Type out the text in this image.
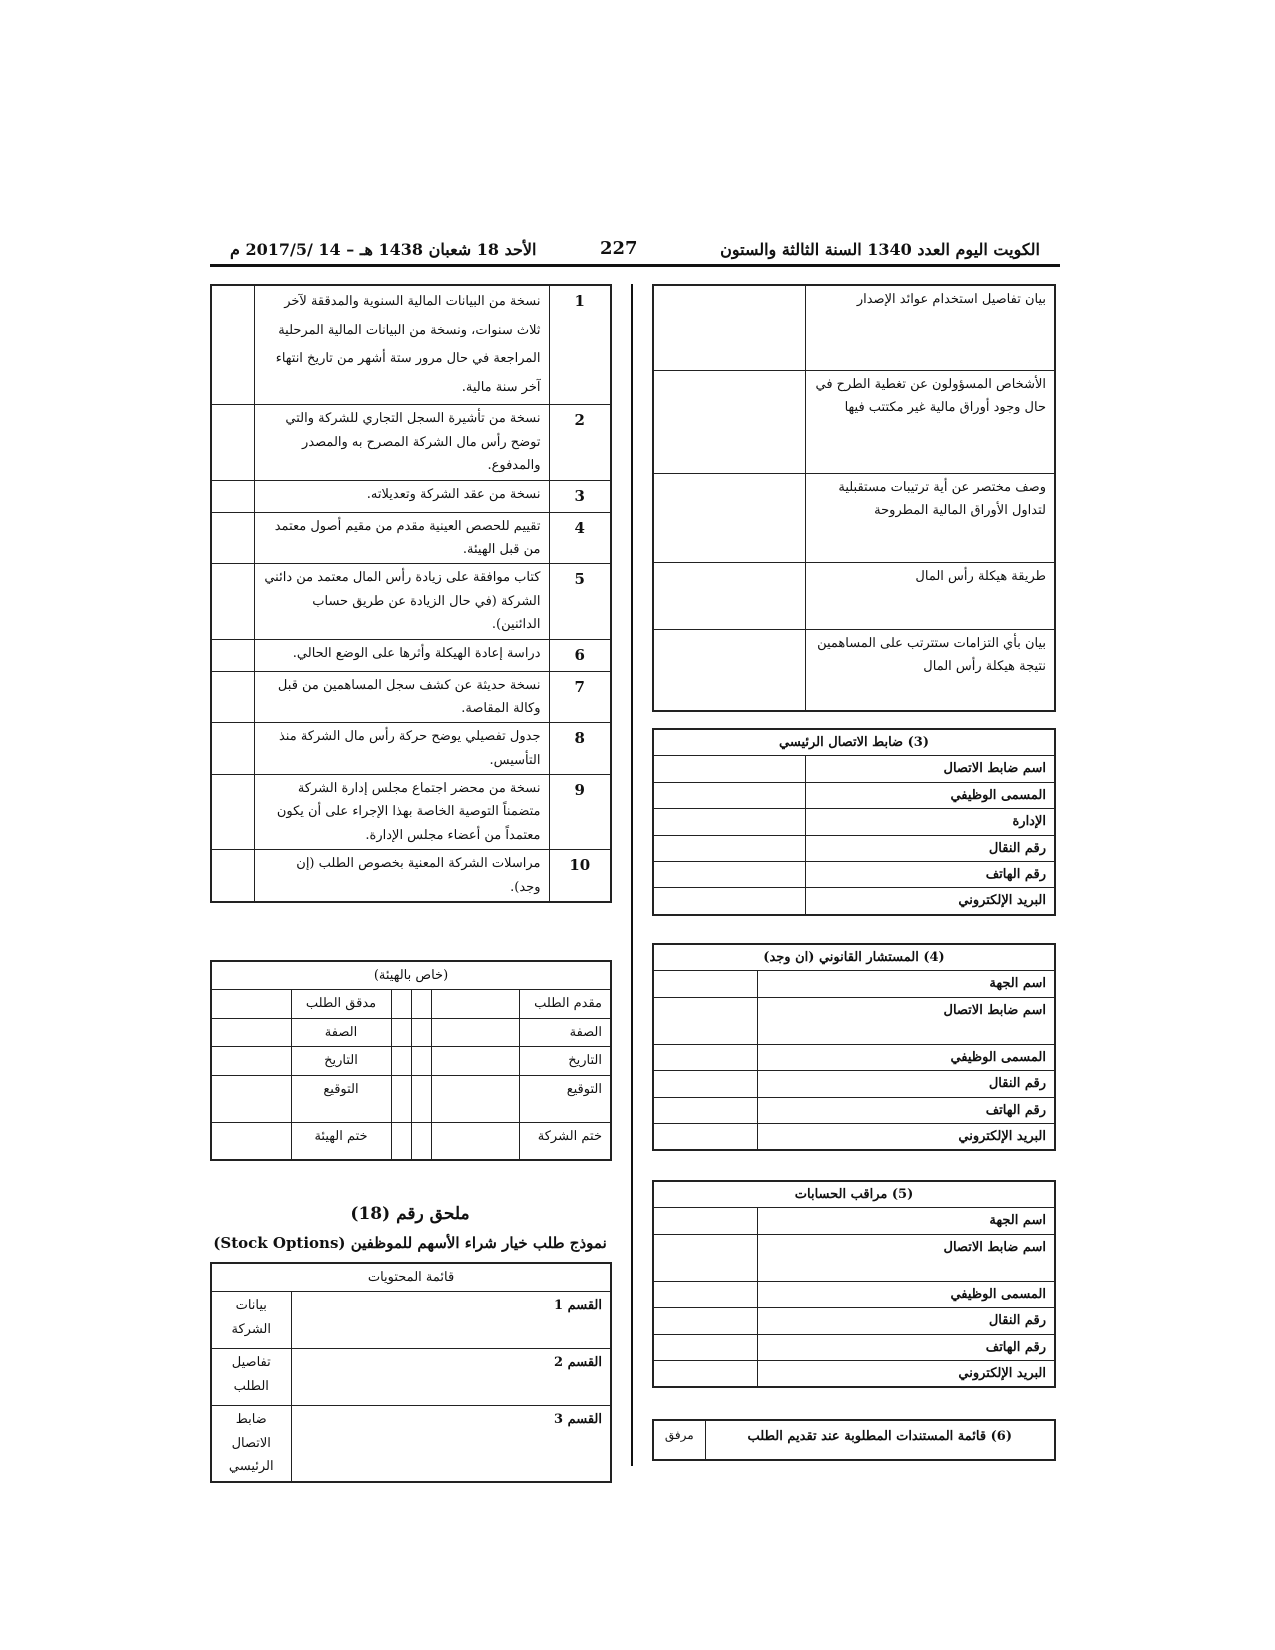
الكويت اليوم العدد 1340 السنة الثالثة والستون
227
الأحد 18 شعبان 1438 هـ – 14 /2017/5 م
1	نسخة من البيانات المالية السنوية والمدققة لآخر ثلاث سنوات، ونسخة من البيانات المالية المرحلية المراجعة في حال مرور ستة أشهر من تاريخ انتهاء آخر سنة مالية.	
2	نسخة من تأشيرة السجل التجاري للشركة والتي توضح رأس مال الشركة المصرح به والمصدر والمدفوع.	
3	نسخة من عقد الشركة وتعديلاته.	
4	تقييم للحصص العينية مقدم من مقيم أصول معتمد من قبل الهيئة.	
5	كتاب موافقة على زيادة رأس المال معتمد من دائني الشركة (في حال الزيادة عن طريق حساب الدائنين).	
6	دراسة إعادة الهيكلة وأثرها على الوضع الحالي.	
7	نسخة حديثة عن كشف سجل المساهمين من قبل وكالة المقاصة.	
8	جدول تفصيلي يوضح حركة رأس مال الشركة منذ التأسيس.	
9	نسخة من محضر اجتماع مجلس إدارة الشركة متضمناً التوصية الخاصة بهذا الإجراء على أن يكون معتمداً من أعضاء مجلس الإدارة.	
10	مراسلات الشركة المعنية بخصوص الطلب (إن وجد).	
(خاص بالهيئة)					
مقدم الطلب				مدقق الطلب	
الصفة				الصفة	
التاريخ				التاريخ	
التوقيع				التوقيع	
ختم الشركة				ختم الهيئة	
ملحق رقم (18)
نموذج طلب خيار شراء الأسهم للموظفين (Stock Options)
قائمة المحتويات	
القسم 1	بيانات الشركة
القسم 2	تفاصيل الطلب
القسم 3	ضابط الاتصال الرئيسي
بيان تفاصيل استخدام عوائد الإصدار	
الأشخاص المسؤولون عن تغطية الطرح في حال وجود أوراق مالية غير مكتتب فيها	
وصف مختصر عن أية ترتيبات مستقبلية لتداول الأوراق المالية المطروحة	
طريقة هيكلة رأس المال	
بيان بأي التزامات ستترتب على المساهمين نتيجة هيكلة رأس المال	
(3) ضابط الاتصال الرئيسي	
اسم ضابط الاتصال	
المسمى الوظيفي	
الإدارة	
رقم النقال	
رقم الهاتف	
البريد الإلكتروني	
(4) المستشار القانوني (ان وجد)	
اسم الجهة	
اسم ضابط الاتصال	
المسمى الوظيفي	
رقم النقال	
رقم الهاتف	
البريد الإلكتروني	
(5) مراقب الحسابات	
اسم الجهة	
اسم ضابط الاتصال	
المسمى الوظيفي	
رقم النقال	
رقم الهاتف	
البريد الإلكتروني	
(6) قائمة المستندات المطلوبة عند تقديم الطلب	مرفق
